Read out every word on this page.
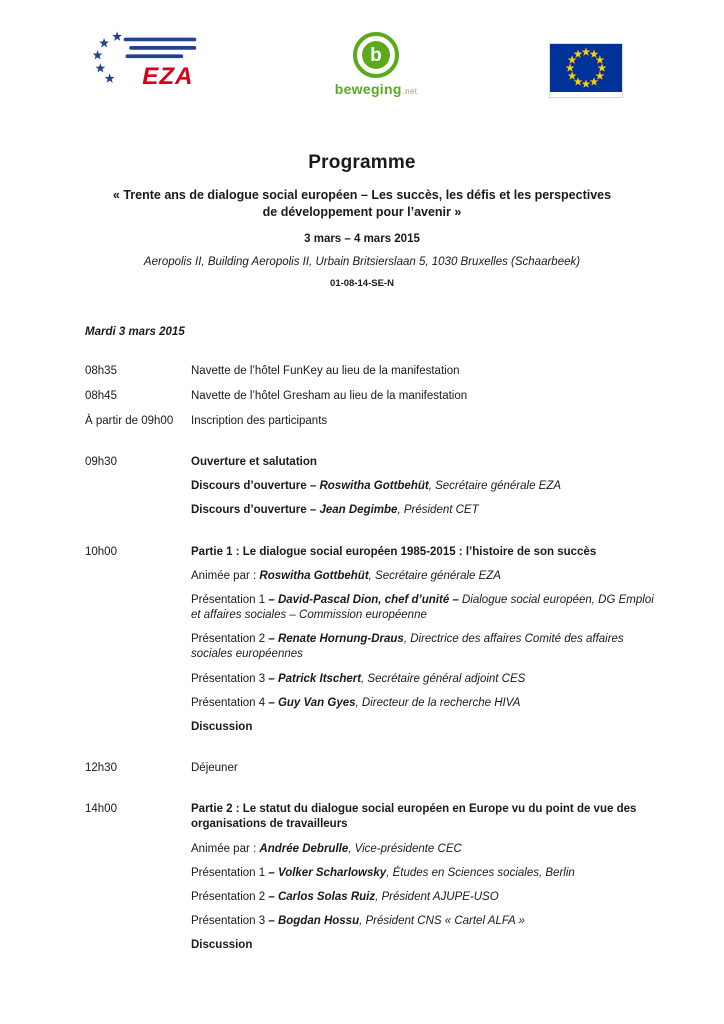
EZA
b
beweging.net
Programme
« Trente ans de dialogue social européen – Les succès, les défis et les perspectives de développement pour l’avenir »

3 mars – 4 mars 2015

Aeropolis II, Building Aeropolis II, Urbain Britsierslaan 5, 1030 Bruxelles (Schaarbeek)

01-08-14-SE-N

Mardi 3 mars 2015

08h35	Navette de l’hôtel FunKey au lieu de la manifestation

08h45	Navette de l’hôtel Gresham au lieu de la manifestation

À partir de 09h00	Inscription des participants

09h30	Ouverture et salutation

Discours d’ouverture – Roswitha Gottbehüt, Secrétaire générale EZA

Discours d’ouverture – Jean Degimbe, Président CET

10h00	Partie 1 : Le dialogue social européen 1985-2015 : l’histoire de son succès

Animée par : Roswitha Gottbehüt, Secrétaire générale EZA

Présentation 1 – David-Pascal Dion, chef d’unité – Dialogue social européen, DG Emploi et affaires sociales – Commission européenne

Présentation 2 – Renate Hornung-Draus, Directrice des affaires Comité des affaires sociales européennes

Présentation 3 – Patrick Itschert, Secrétaire général adjoint CES

Présentation 4 – Guy Van Gyes, Directeur de la recherche HIVA

Discussion

12h30	Déjeuner

14h00	Partie 2 : Le statut du dialogue social européen en Europe vu du point de vue des organisations de travailleurs

Animée par : Andrée Debrulle, Vice-présidente CEC

Présentation 1 – Volker Scharlowsky, Études en Sciences sociales, Berlin

Présentation 2 – Carlos Solas Ruiz, Président AJUPE-USO

Présentation 3 – Bogdan Hossu, Président CNS « Cartel ALFA »

Discussion
